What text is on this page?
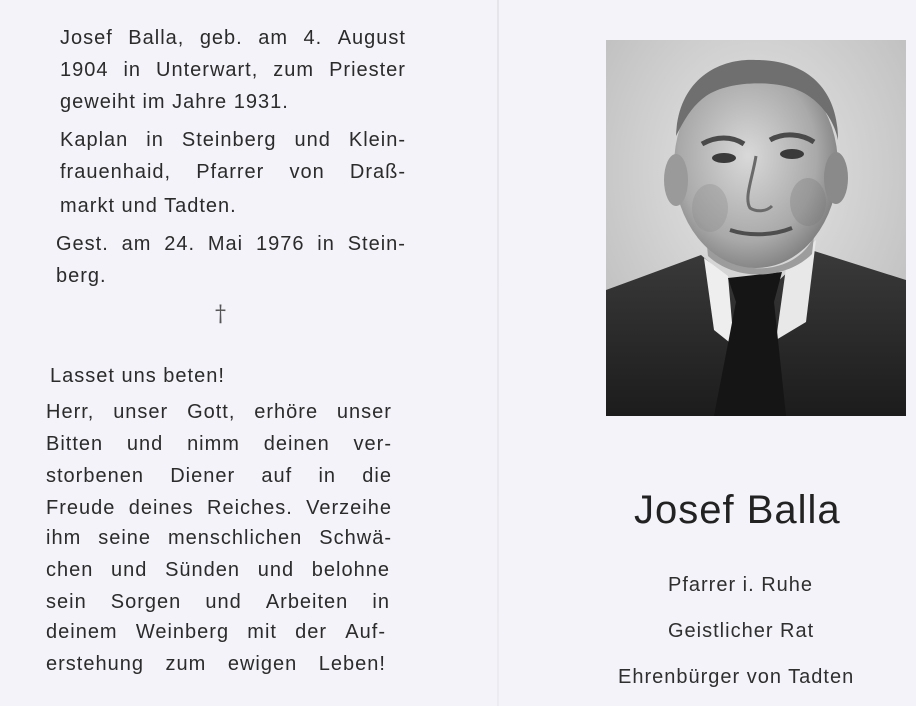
Josef Balla, geb. am 4. August
1904 in Unterwart, zum Priester
geweiht im Jahre 1931.
Kaplan in Steinberg und Klein-
frauenhaid, Pfarrer von Draß-
markt und Tadten.
Gest. am 24. Mai 1976 in Stein-
berg.
†
Lasset uns beten!
Herr, unser Gott, erhöre unser
Bitten und nimm deinen ver-
storbenen Diener auf in die
Freude deines Reiches. Verzeihe
ihm seine menschlichen Schwä-
chen und Sünden und belohne
sein Sorgen und Arbeiten in
deinem Weinberg mit der Auf-
erstehung zum ewigen Leben!
Josef Balla
Pfarrer i. Ruhe
Geistlicher Rat
Ehrenbürger von Tadten
